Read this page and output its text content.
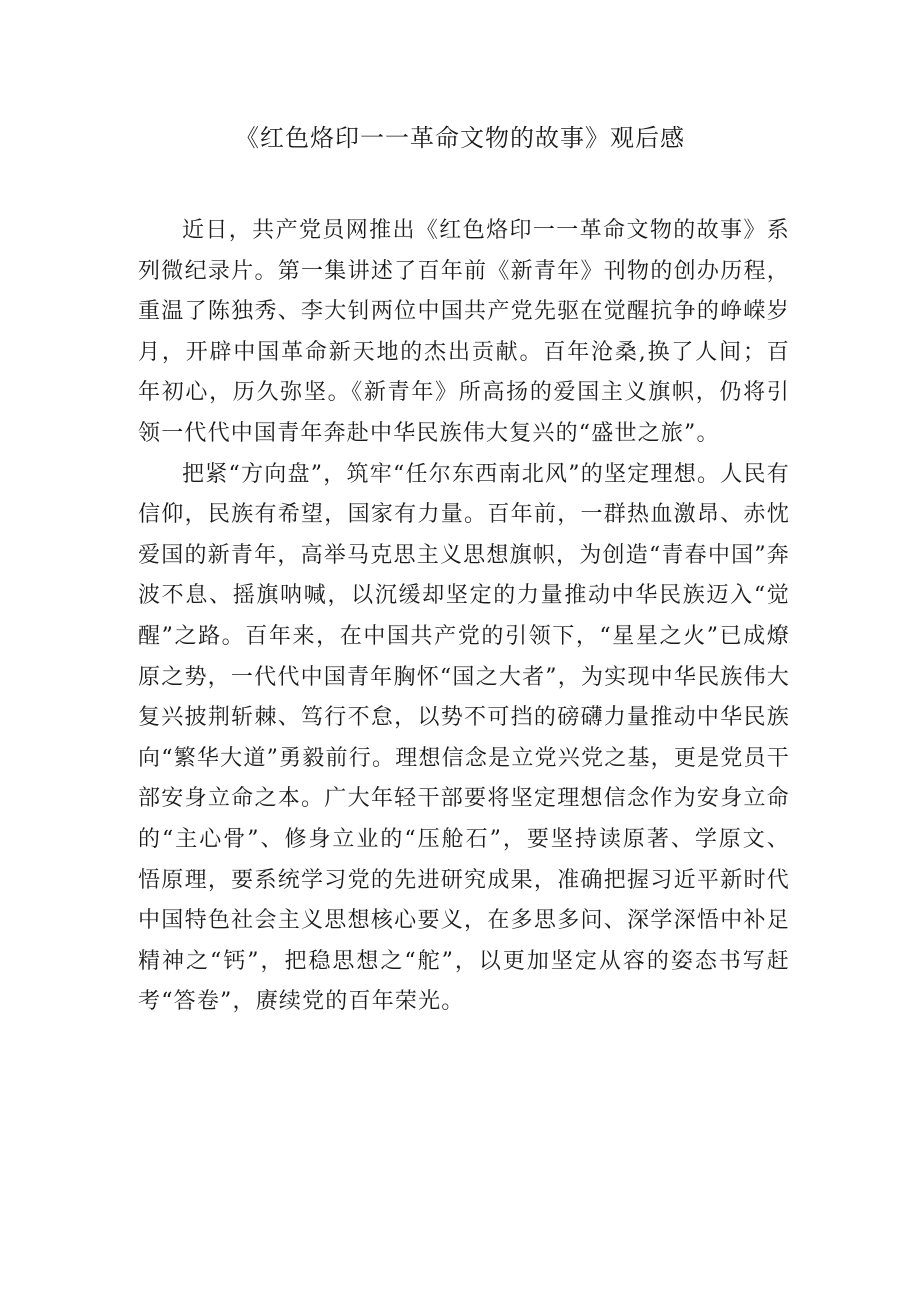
《红色烙印一一革命文物的故事》观后感

近日，共产党员网推出《红色烙印一一革命文物的故事》系列微纪录片。第一集讲述了百年前《新青年》刊物的创办历程，重温了陈独秀、李大钊两位中国共产党先驱在觉醒抗争的峥嵘岁月，开辟中国革命新天地的杰出贡献。百年沧桑,换了人间；百年初心，历久弥坚。《新青年》所高扬的爱国主义旗帜，仍将引领一代代中国青年奔赴中华民族伟大复兴的“盛世之旅”。

把紧“方向盘”，筑牢“任尔东西南北风”的坚定理想。人民有信仰，民族有希望，国家有力量。百年前，一群热血激昂、赤忱爱国的新青年，高举马克思主义思想旗帜，为创造“青春中国”奔波不息、摇旗呐喊，以沉缓却坚定的力量推动中华民族迈入“觉醒”之路。百年来，在中国共产党的引领下，“星星之火”已成燎原之势，一代代中国青年胸怀“国之大者”，为实现中华民族伟大复兴披荆斩棘、笃行不怠，以势不可挡的磅礴力量推动中华民族向“繁华大道”勇毅前行。理想信念是立党兴党之基，更是党员干部安身立命之本。广大年轻干部要将坚定理想信念作为安身立命的“主心骨”、修身立业的“压舱石”，要坚持读原著、学原文、悟原理，要系统学习党的先进研究成果，准确把握习近平新时代中国特色社会主义思想核心要义，在多思多问、深学深悟中补足精神之“钙”，把稳思想之“舵”，以更加坚定从容的姿态书写赶考“答卷”，赓续党的百年荣光。
